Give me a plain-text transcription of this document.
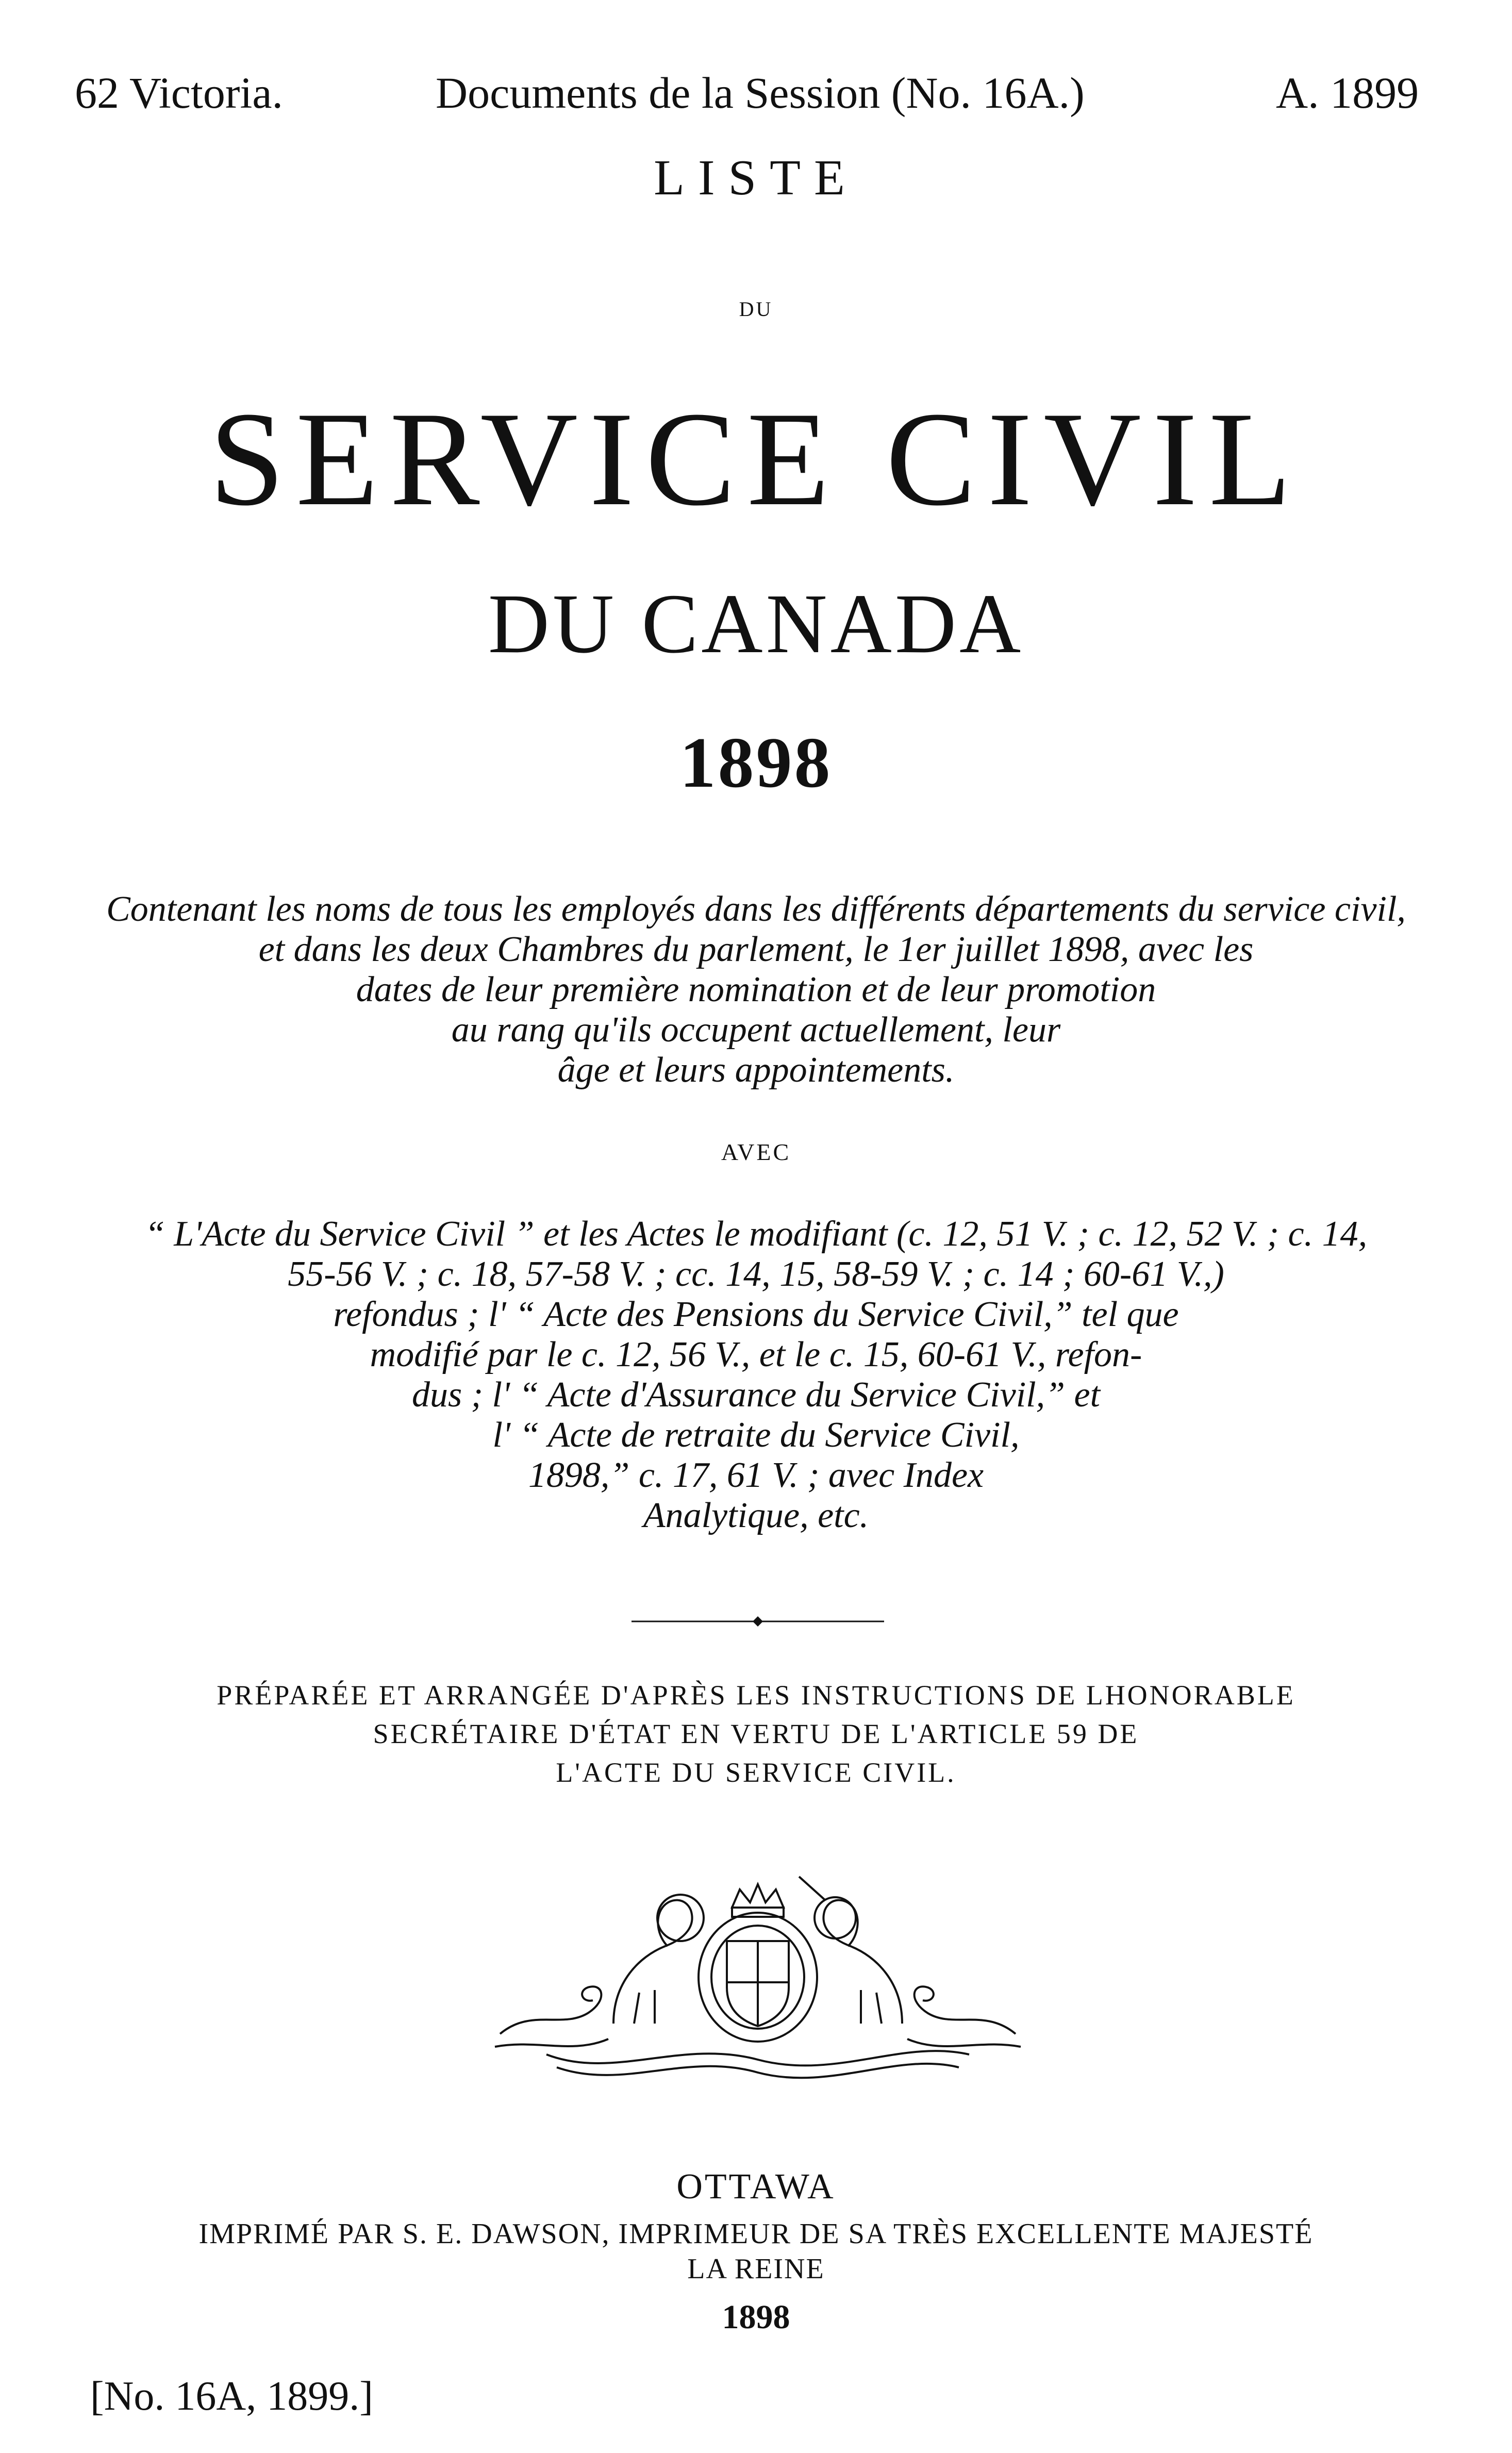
62 Victoria.	Documents de la Session (No. 16A.)	A. 1899
LISTE
DU
SERVICE CIVIL
DU CANADA
1898
Contenant les noms de tous les employés dans les différents départements du service civil,
et dans les deux Chambres du parlement, le 1er juillet 1898, avec les
dates de leur première nomination et de leur promotion
au rang qu'ils occupent actuellement, leur
âge et leurs appointements.
AVEC
“ L'Acte du Service Civil ” et les Actes le modifiant (c. 12, 51 V. ; c. 12, 52 V. ; c. 14,
55-56 V. ; c. 18, 57-58 V. ; cc. 14, 15, 58-59 V. ; c. 14 ; 60-61 V.,)
refondus ; l' “ Acte des Pensions du Service Civil,” tel que
modifié par le c. 12, 56 V., et le c. 15, 60-61 V., refon-
dus ; l' “ Acte d'Assurance du Service Civil,” et
l' “ Acte de retraite du Service Civil,
1898,” c. 17, 61 V. ; avec Index
Analytique, etc.
PRÉPARÉE ET ARRANGÉE D'APRÈS LES INSTRUCTIONS DE LHONORABLE
SECRÉTAIRE D'ÉTAT EN VERTU DE L'ARTICLE 59 DE
L'ACTE DU SERVICE CIVIL.
OTTAWA
IMPRIMÉ PAR S. E. DAWSON, IMPRIMEUR DE SA TRÈS EXCELLENTE MAJESTÉ
LA REINE
1898
[No. 16A, 1899.]
